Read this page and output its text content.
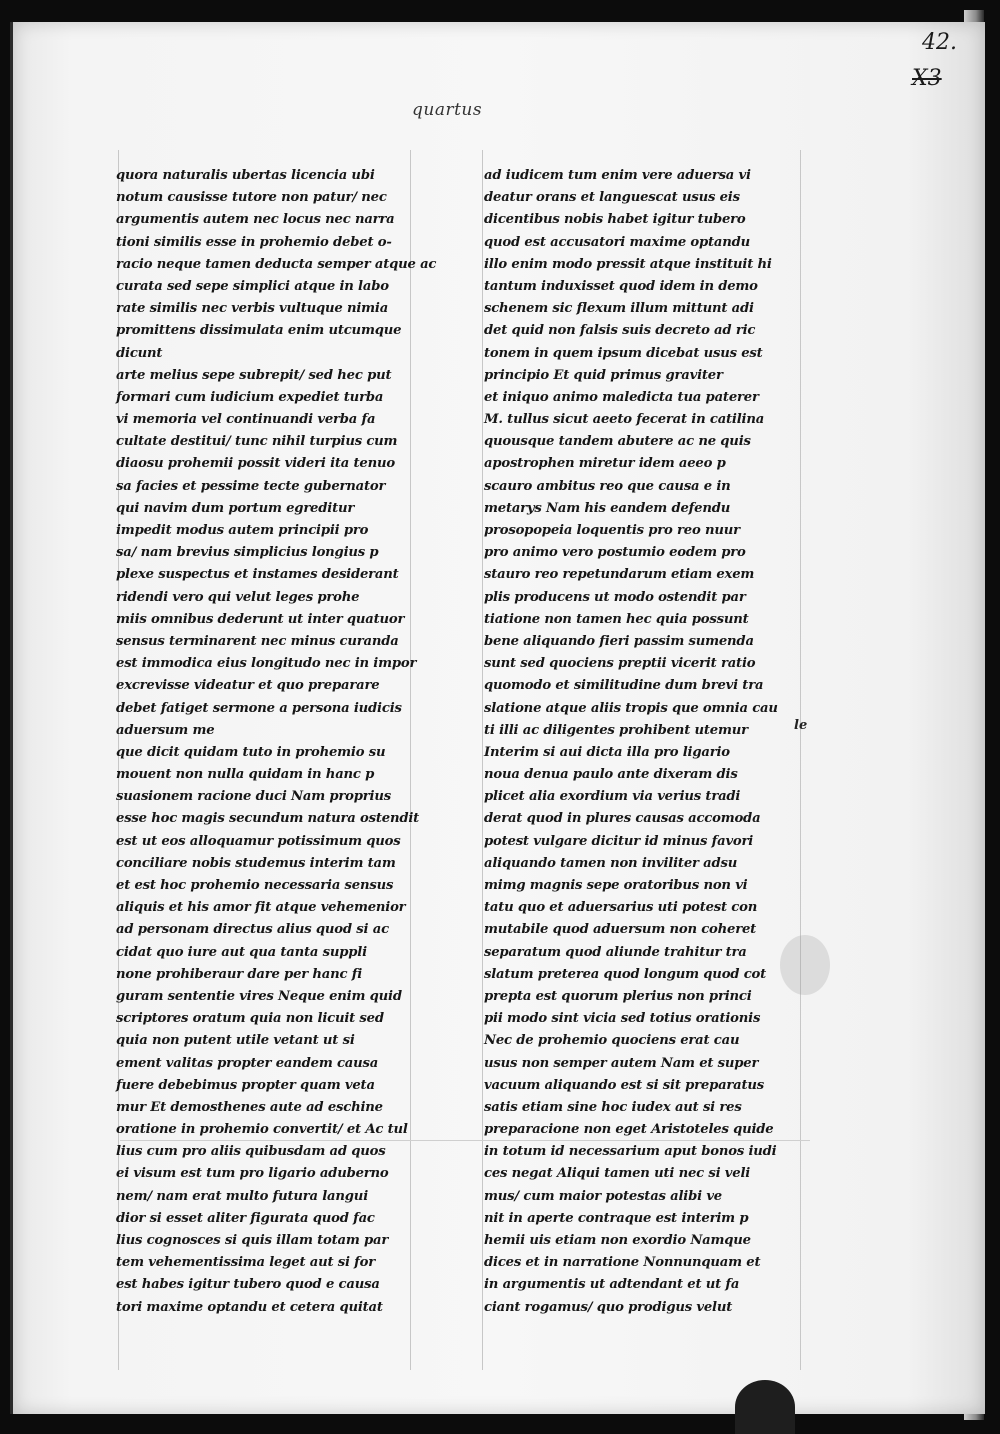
42.
X3
quartus
quora naturalis ubertas licencia ubi
notum causisse tutore non patur/ nec
argumentis autem nec locus nec narra
tioni similis esse in prohemio debet o-
racio neque tamen deducta semper atque ac
curata sed sepe simplici atque in labo
rate similis nec verbis vultuque nimia
promittens dissimulata enim utcumque
dicunt
arte melius sepe subrepit/ sed hec put
formari cum iudicium expediet turba
vi memoria vel continuandi verba fa
cultate destitui/ tunc nihil turpius cum
diaosu prohemii possit videri ita tenuo
sa facies et pessime tecte gubernator
qui navim dum portum egreditur
impedit modus autem principii pro
sa/ nam brevius simplicius longius p
plexe suspectus et instames desiderant
ridendi vero qui velut leges prohe
miis omnibus dederunt ut inter quatuor
sensus terminarent nec minus curanda
est immodica eius longitudo nec in impor
excrevisse videatur et quo preparare
debet fatiget sermone a persona iudicis
aduersum me
que dicit quidam tuto in prohemio su
mouent non nulla quidam in hanc p
suasionem racione duci Nam proprius
esse hoc magis secundum natura ostendit
est ut eos alloquamur potissimum quos
conciliare nobis studemus interim tam
et est hoc prohemio necessaria sensus
aliquis et his amor fit atque vehemenior
ad personam directus alius quod si ac
cidat quo iure aut qua tanta suppli
none prohiberaur dare per hanc fi
guram sententie vires Neque enim quid
scriptores oratum quia non licuit sed
quia non putent utile vetant ut si
ement valitas propter eandem causa
fuere debebimus propter quam veta
mur Et demosthenes aute ad eschine
oratione in prohemio convertit/ et Ac tul
lius cum pro aliis quibusdam ad quos
ei visum est tum pro ligario aduberno
nem/ nam erat multo futura langui
dior si esset aliter figurata quod fac
lius cognosces si quis illam totam par
tem vehementissima leget aut si for
est habes igitur tubero quod e causa
tori maxime optandu et cetera quitat
ad iudicem tum enim vere aduersa vi
deatur orans et languescat usus eis
dicentibus nobis habet igitur tubero
quod est accusatori maxime optandu
illo enim modo pressit atque instituit hi
tantum induxisset quod idem in demo
schenem sic flexum illum mittunt adi
det quid non falsis suis decreto ad ric
tonem in quem ipsum dicebat usus est
principio Et quid primus graviter
et iniquo animo maledicta tua paterer
M. tullus sicut aeeto fecerat in catilina
quousque tandem abutere ac ne quis
apostrophen miretur idem aeeo p
scauro ambitus reo que causa e in
metarys Nam his eandem defendu
prosopopeia loquentis pro reo nuur
pro animo vero postumio eodem pro
stauro reo repetundarum etiam exem
plis producens ut modo ostendit par
tiatione non tamen hec quia possunt
bene aliquando fieri passim sumenda
sunt sed quociens preptii vicerit ratio
quomodo et similitudine dum brevi tra
slatione atque aliis tropis que omnia cau
ti illi ac diligentes prohibent utemur
Interim si aui dicta illa pro ligario
noua denua paulo ante dixeram dis
plicet alia exordium via verius tradi
derat quod in plures causas accomoda
potest vulgare dicitur id minus favori
aliquando tamen non inviliter adsu
mimg magnis sepe oratoribus non vi
tatu quo et aduersarius uti potest con
mutabile quod aduersum non coheret
separatum quod aliunde trahitur tra
slatum preterea quod longum quod cot
prepta est quorum plerius non princi
pii modo sint vicia sed totius orationis
Nec de prohemio quociens erat cau
usus non semper autem Nam et super
vacuum aliquando est si sit preparatus
satis etiam sine hoc iudex aut si res
preparacione non eget Aristoteles quide
in totum id necessarium aput bonos iudi
ces negat Aliqui tamen uti nec si veli
mus/ cum maior potestas alibi ve
nit in aperte contraque est interim p
hemii uis etiam non exordio Namque
dices et in narratione Nonnunquam et
in argumentis ut adtendant et ut fa
ciant rogamus/ quo prodigus velut
le
